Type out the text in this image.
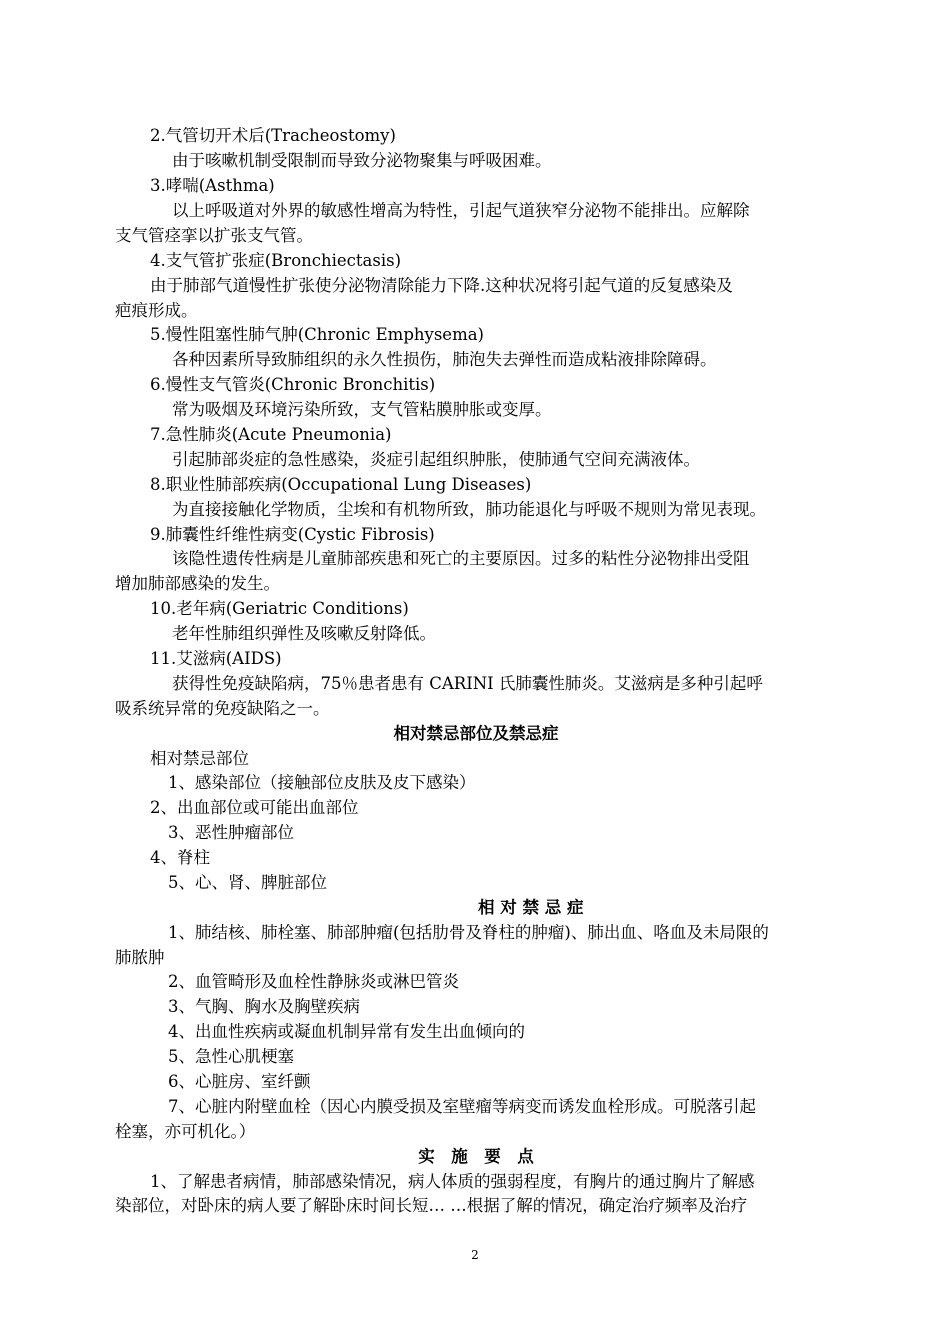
2.气管切开术后(Tracheostomy)
由于咳嗽机制受限制而导致分泌物聚集与呼吸困难。
3.哮喘(Asthma)
以上呼吸道对外界的敏感性增高为特性，引起气道狭窄分泌物不能排出。应解除
支气管痉挛以扩张支气管。
4.支气管扩张症(Bronchiectasis)
由于肺部气道慢性扩张使分泌物清除能力下降.这种状况将引起气道的反复感染及
疤痕形成。
5.慢性阻塞性肺气肿(Chronic Emphysema)
各种因素所导致肺组织的永久性损伤，肺泡失去弹性而造成粘液排除障碍。
6.慢性支气管炎(Chronic Bronchitis)
常为吸烟及环境污染所致，支气管粘膜肿胀或变厚。
7.急性肺炎(Acute Pneumonia)
引起肺部炎症的急性感染，炎症引起组织肿胀，使肺通气空间充满液体。
8.职业性肺部疾病(Occupational Lung Diseases)
为直接接触化学物质，尘埃和有机物所致，肺功能退化与呼吸不规则为常见表现。
9.肺囊性纤维性病变(Cystic Fibrosis)
该隐性遗传性病是儿童肺部疾患和死亡的主要原因。过多的粘性分泌物排出受阻
增加肺部感染的发生。
10.老年病(Geriatric Conditions)
老年性肺组织弹性及咳嗽反射降低。
11.艾滋病(AIDS)
获得性免疫缺陷病，75％患者患有 CARINI 氏肺囊性肺炎。艾滋病是多种引起呼
吸系统异常的免疫缺陷之一。
相对禁忌部位及禁忌症
相对禁忌部位
1、感染部位（接触部位皮肤及皮下感染）
2、出血部位或可能出血部位
3、恶性肿瘤部位
4、脊柱
5、心、肾、脾脏部位
相 对 禁 忌 症
1、肺结核、肺栓塞、肺部肿瘤(包括肋骨及脊柱的肿瘤)、肺出血、咯血及未局限的
肺脓肿
2、血管畸形及血栓性静脉炎或淋巴管炎
3、气胸、胸水及胸壁疾病
4、出血性疾病或凝血机制异常有发生出血倾向的
5、急性心肌梗塞
6、心脏房、室纤颤
7、心脏内附壁血栓（因心内膜受损及室壁瘤等病变而诱发血栓形成。可脱落引起
栓塞，亦可机化。）
实　施　要　点
1、了解患者病情，肺部感染情况，病人体质的强弱程度，有胸片的通过胸片了解感
染部位，对卧床的病人要了解卧床时间长短… …根据了解的情况，确定治疗频率及治疗
2
